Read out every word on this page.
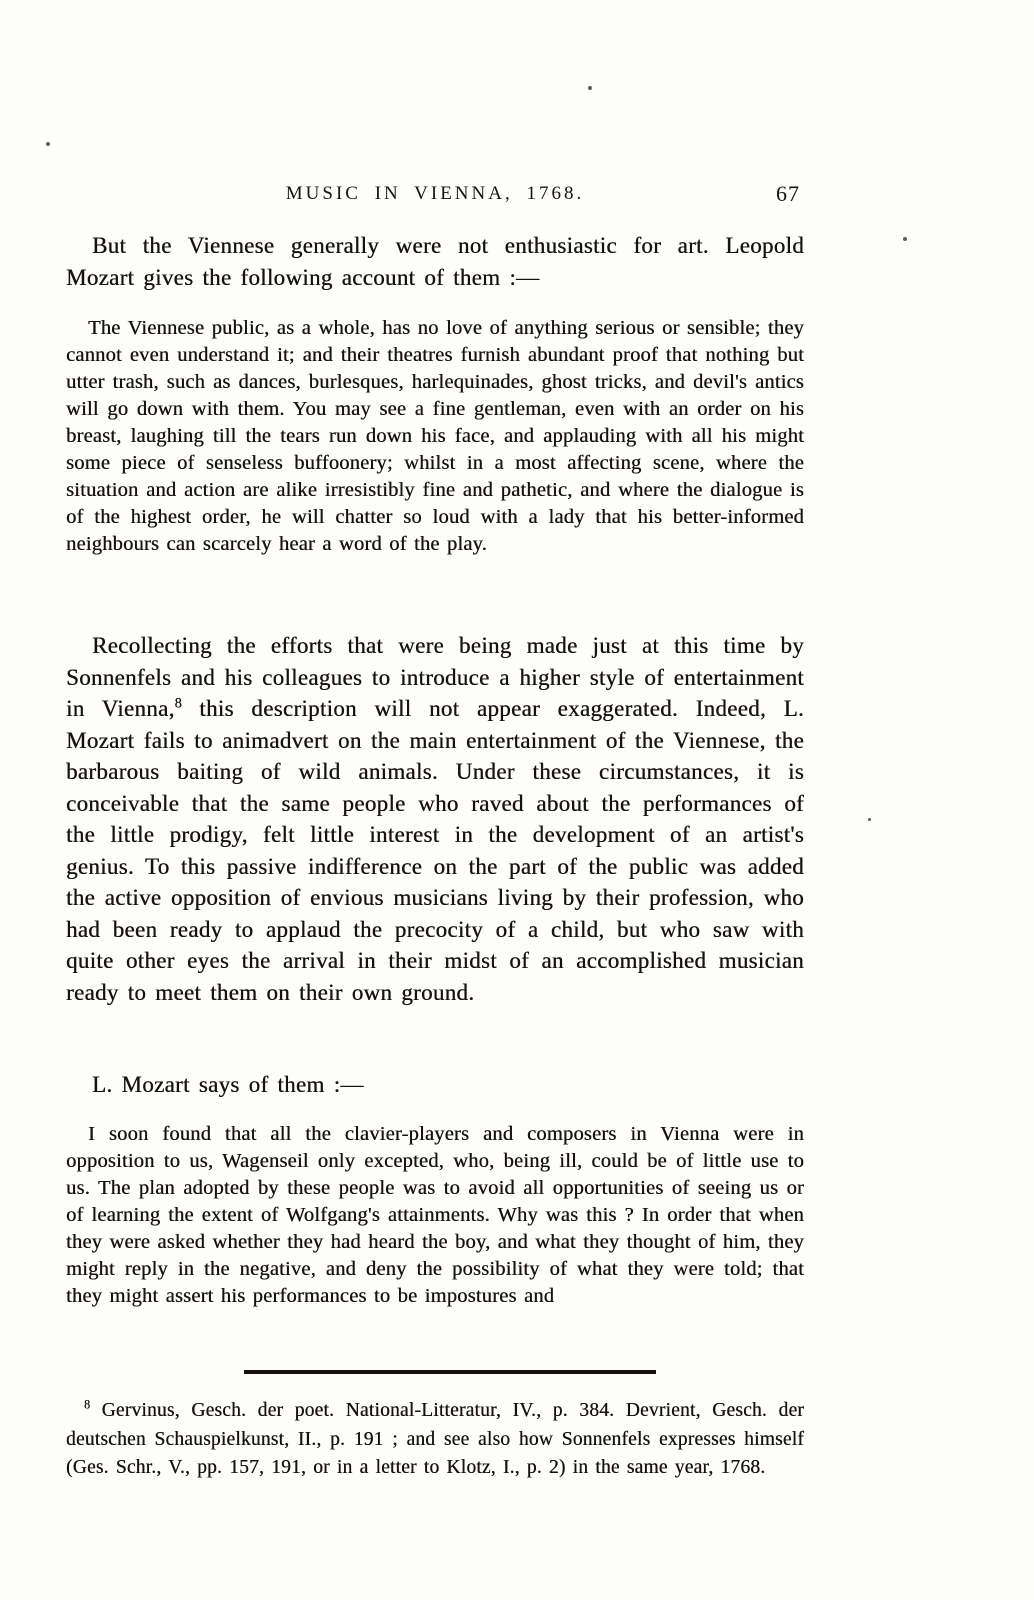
MUSIC IN VIENNA, 1768.	67

But the Viennese generally were not enthusiastic for art. Leopold Mozart gives the following account of them :—

The Viennese public, as a whole, has no love of anything serious or sensible; they cannot even understand it; and their theatres furnish abundant proof that nothing but utter trash, such as dances, burlesques, harlequinades, ghost tricks, and devil's antics will go down with them. You may see a fine gentleman, even with an order on his breast, laughing till the tears run down his face, and applauding with all his might some piece of senseless buffoonery; whilst in a most affecting scene, where the situation and action are alike irresistibly fine and pathetic, and where the dialogue is of the highest order, he will chatter so loud with a lady that his better-informed neighbours can scarcely hear a word of the play.

Recollecting the efforts that were being made just at this time by Sonnenfels and his colleagues to introduce a higher style of entertainment in Vienna,$^8$ this description will not appear exaggerated. Indeed, L. Mozart fails to animadvert on the main entertainment of the Viennese, the barbarous baiting of wild animals. Under these circumstances, it is conceivable that the same people who raved about the performances of the little prodigy, felt little interest in the development of an artist's genius. To this passive indifference on the part of the public was added the active opposition of envious musicians living by their profession, who had been ready to applaud the precocity of a child, but who saw with quite other eyes the arrival in their midst of an accomplished musician ready to meet them on their own ground.

L. Mozart says of them :—

I soon found that all the clavier-players and composers in Vienna were in opposition to us, Wagenseil only excepted, who, being ill, could be of little use to us. The plan adopted by these people was to avoid all opportunities of seeing us or of learning the extent of Wolfgang's attainments. Why was this ? In order that when they were asked whether they had heard the boy, and what they thought of him, they might reply in the negative, and deny the possibility of what they were told; that they might assert his performances to be impostures and

$^8$ Gervinus, Gesch. der poet. National-Litteratur, IV., p. 384. Devrient, Gesch. der deutschen Schauspielkunst, II., p. 191 ; and see also how Sonnenfels expresses himself (Ges. Schr., V., pp. 157, 191, or in a letter to Klotz, I., p. 2) in the same year, 1768.
